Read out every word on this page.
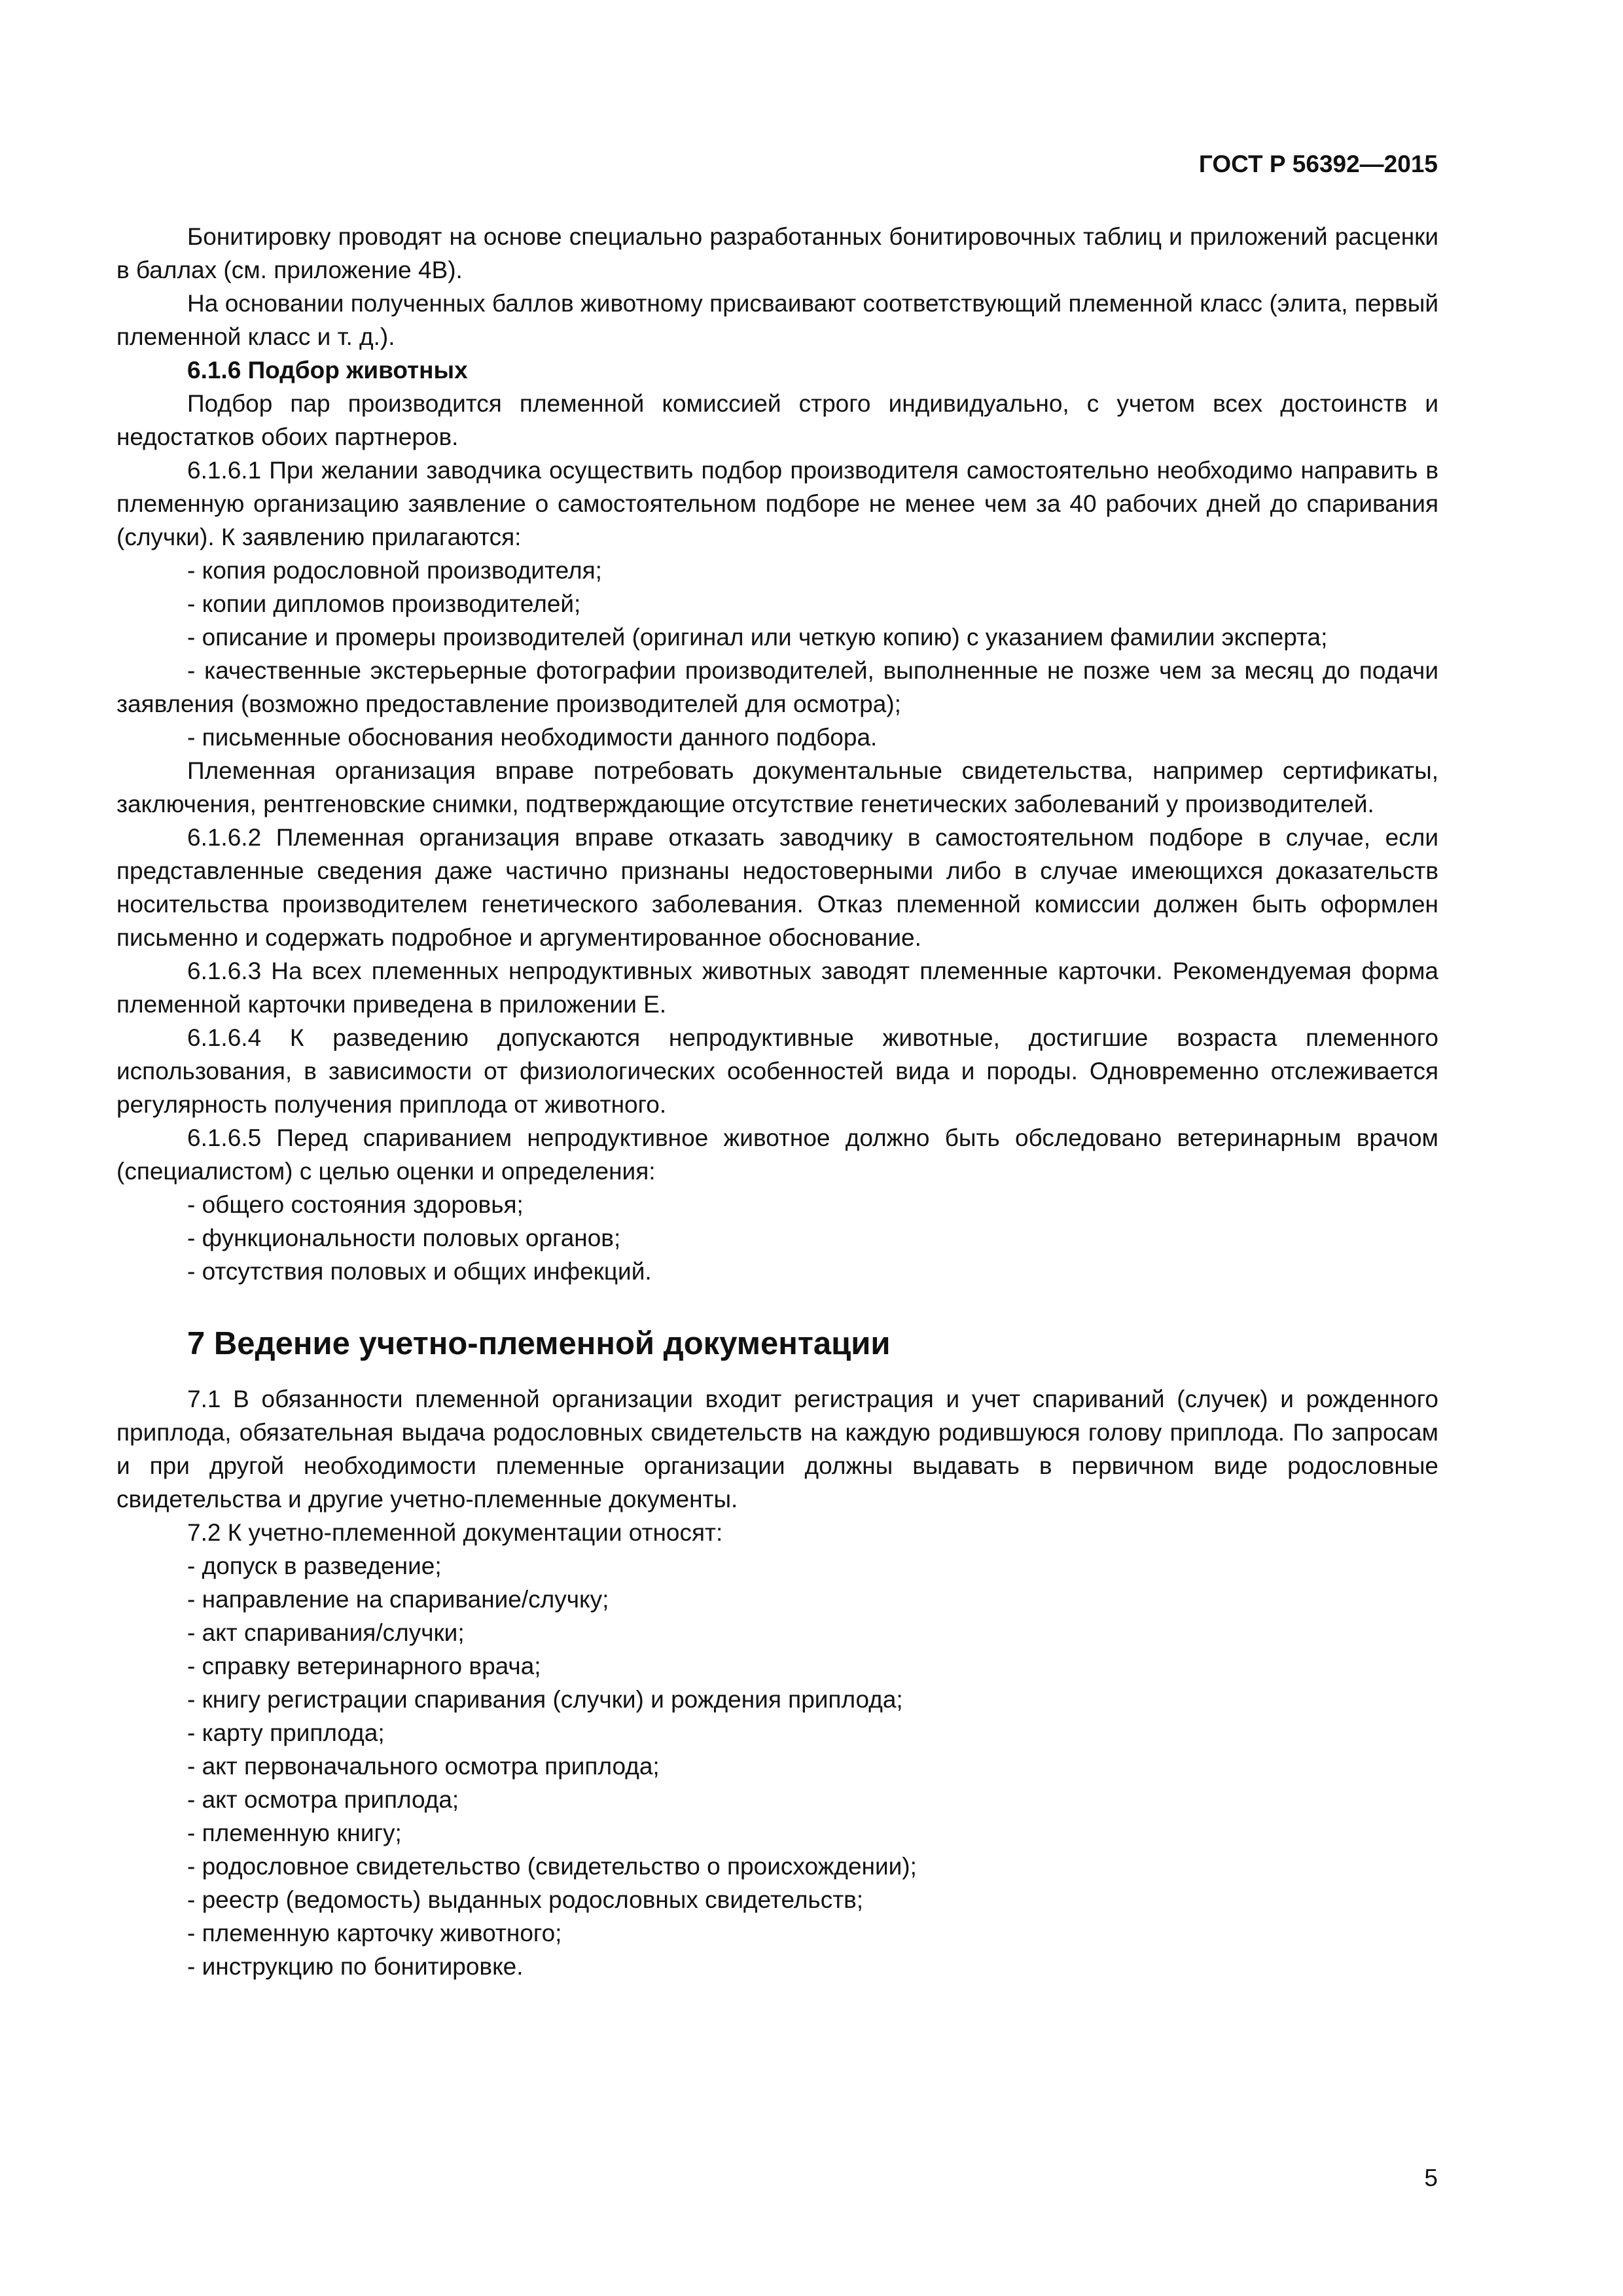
ГОСТ Р 56392—2015

Бонитировку проводят на основе специально разработанных бонитировочных таблиц и приложений расценки в баллах (см. приложение 4В).

На основании полученных баллов животному присваивают соответствующий племенной класс (элита, первый племенной класс и т. д.).

6.1.6 Подбор животных

Подбор пар производится племенной комиссией строго индивидуально, с учетом всех достоинств и недостатков обоих партнеров.

6.1.6.1 При желании заводчика осуществить подбор производителя самостоятельно необходимо направить в племенную организацию заявление о самостоятельном подборе не менее чем за 40 рабочих дней до спаривания (случки). К заявлению прилагаются:

- копия родословной производителя;

- копии дипломов производителей;

- описание и промеры производителей (оригинал или четкую копию) с указанием фамилии эксперта;

- качественные экстерьерные фотографии производителей, выполненные не позже чем за месяц до подачи заявления (возможно предоставление производителей для осмотра);

- письменные обоснования необходимости данного подбора.

Племенная организация вправе потребовать документальные свидетельства, например сертификаты, заключения, рентгеновские снимки, подтверждающие отсутствие генетических заболеваний у производителей.

6.1.6.2 Племенная организация вправе отказать заводчику в самостоятельном подборе в случае, если представленные сведения даже частично признаны недостоверными либо в случае имеющихся доказательств носительства производителем генетического заболевания. Отказ племенной комиссии должен быть оформлен письменно и содержать подробное и аргументированное обоснование.

6.1.6.3 На всех племенных непродуктивных животных заводят племенные карточки. Рекомендуемая форма племенной карточки приведена в приложении Е.

6.1.6.4 К разведению допускаются непродуктивные животные, достигшие возраста племенного использования, в зависимости от физиологических особенностей вида и породы. Одновременно отслеживается регулярность получения приплода от животного.

6.1.6.5 Перед спариванием непродуктивное животное должно быть обследовано ветеринарным врачом (специалистом) с целью оценки и определения:

- общего состояния здоровья;

- функциональности половых органов;

- отсутствия половых и общих инфекций.

7 Ведение учетно-племенной документации

7.1 В обязанности племенной организации входит регистрация и учет спариваний (случек) и рожденного приплода, обязательная выдача родословных свидетельств на каждую родившуюся голову приплода. По запросам и при другой необходимости племенные организации должны выдавать в первичном виде родословные свидетельства и другие учетно-племенные документы.

7.2 К учетно-племенной документации относят:

- допуск в разведение;

- направление на спаривание/случку;

- акт спаривания/случки;

- справку ветеринарного врача;

- книгу регистрации спаривания (случки) и рождения приплода;

- карту приплода;

- акт первоначального осмотра приплода;

- акт осмотра приплода;

- племенную книгу;

- родословное свидетельство (свидетельство о происхождении);

- реестр (ведомость) выданных родословных свидетельств;

- племенную карточку животного;

- инструкцию по бонитировке.

5
